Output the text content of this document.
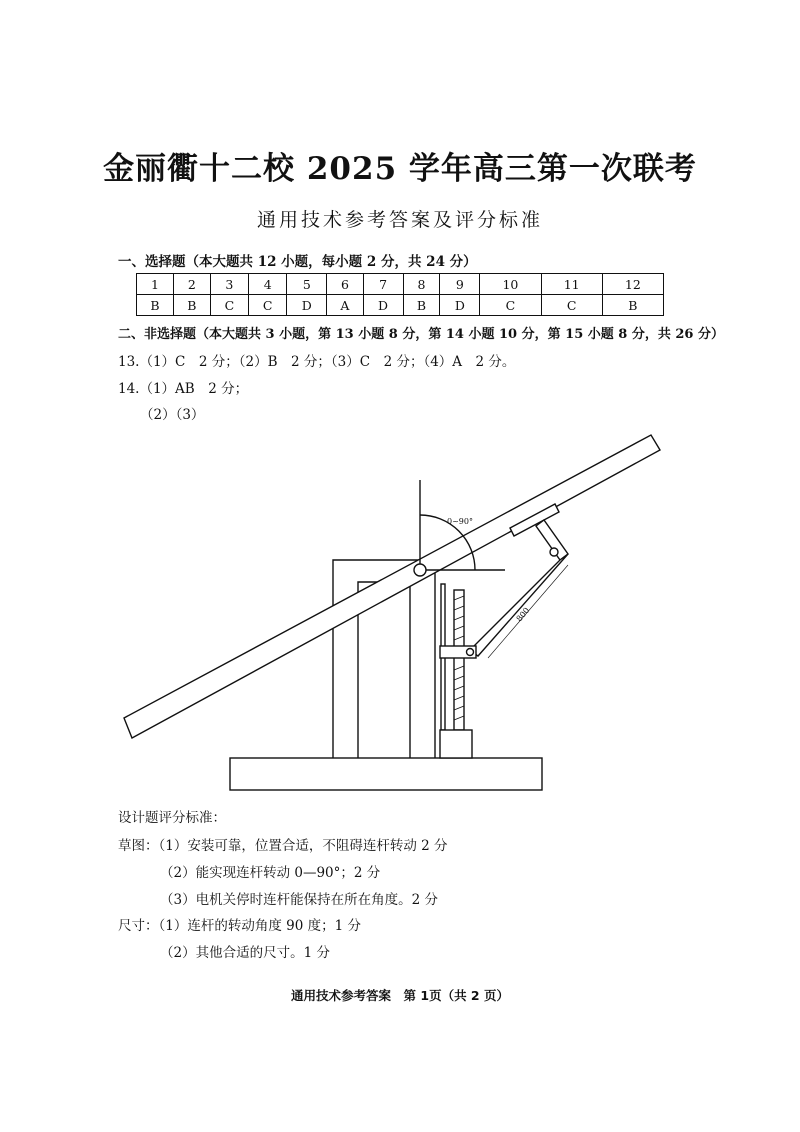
金丽衢十二校 2025 学年高三第一次联考
通用技术参考答案及评分标准
一、选择题（本大题共 12 小题，每小题 2 分，共 24 分）
1	2	3	4	5	6	7	8	9	10	11	12
B	B	C	C	D	A	D	B	D	C	C	B
二、非选择题（本大题共 3 小题，第 13 小题 8 分，第 14 小题 10 分，第 15 小题 8 分，共 26 分）
13.（1）C　2 分；（2）B　2 分；（3）C　2 分；（4）A　2 分。
14.（1）AB　2 分；
（2）（3）
0~90°
800
设计题评分标准：
草图：（1）安装可靠，位置合适，不阻碍连杆转动 2 分
（2）能实现连杆转动 0—90°；2 分
（3）电机关停时连杆能保持在所在角度。2 分
尺寸：（1）连杆的转动角度 90 度；1 分
（2）其他合适的尺寸。1 分
通用技术参考答案　第 1页（共 2 页）
